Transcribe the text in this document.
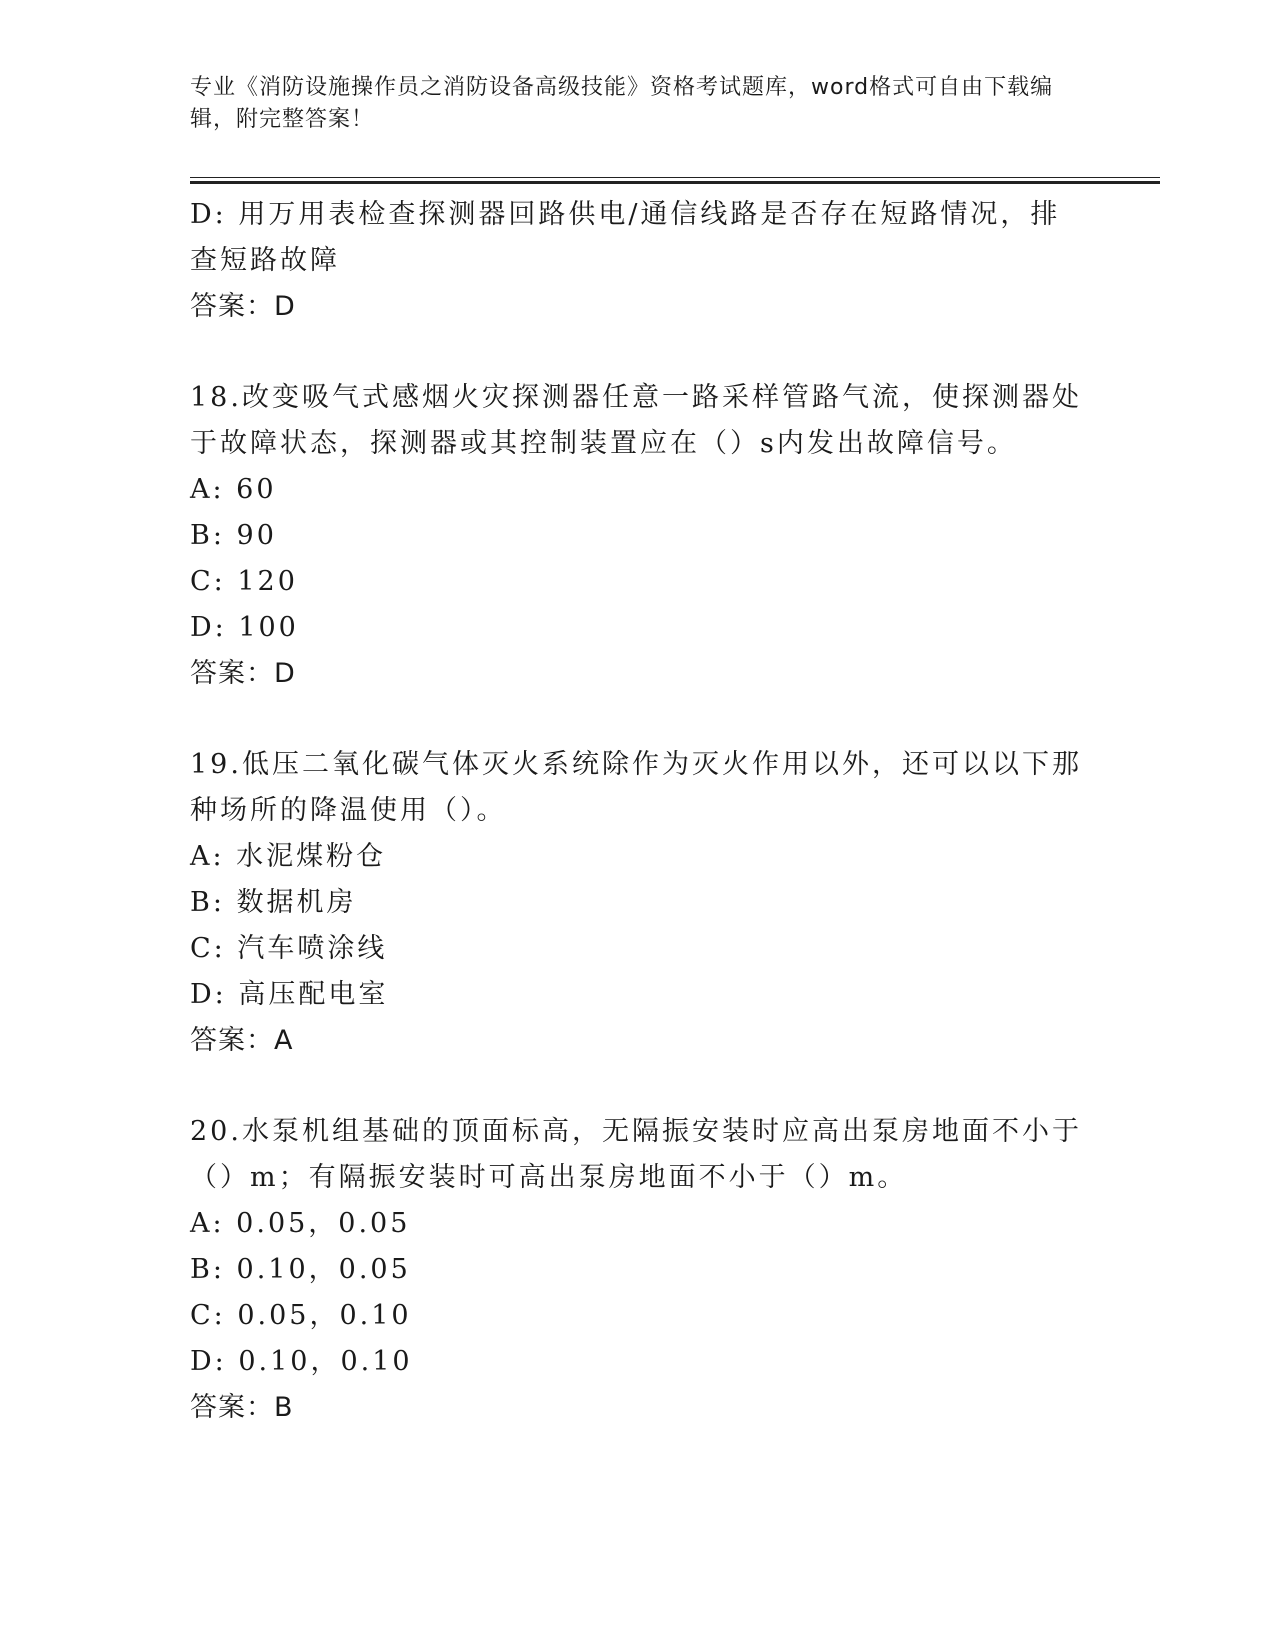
专业《消防设施操作员之消防设备高级技能》资格考试题库，word格式可自由下载编辑，附完整答案！
D: 用万用表检查探测器回路供电/通信线路是否存在短路情况，排查短路故障
答案：D
18.改变吸气式感烟火灾探测器任意一路采样管路气流，使探测器处于故障状态，探测器或其控制装置应在（）s内发出故障信号。
A: 60
B: 90
C: 120
D: 100
答案：D
19.低压二氧化碳气体灭火系统除作为灭火作用以外，还可以以下那种场所的降温使用（）。
A: 水泥煤粉仓
B: 数据机房
C: 汽车喷涂线
D: 高压配电室
答案：A
20.水泵机组基础的顶面标高，无隔振安装时应高出泵房地面不小于（）m；有隔振安装时可高出泵房地面不小于（）m。
A: 0.05，0.05
B: 0.10，0.05
C: 0.05，0.10
D: 0.10，0.10
答案：B
